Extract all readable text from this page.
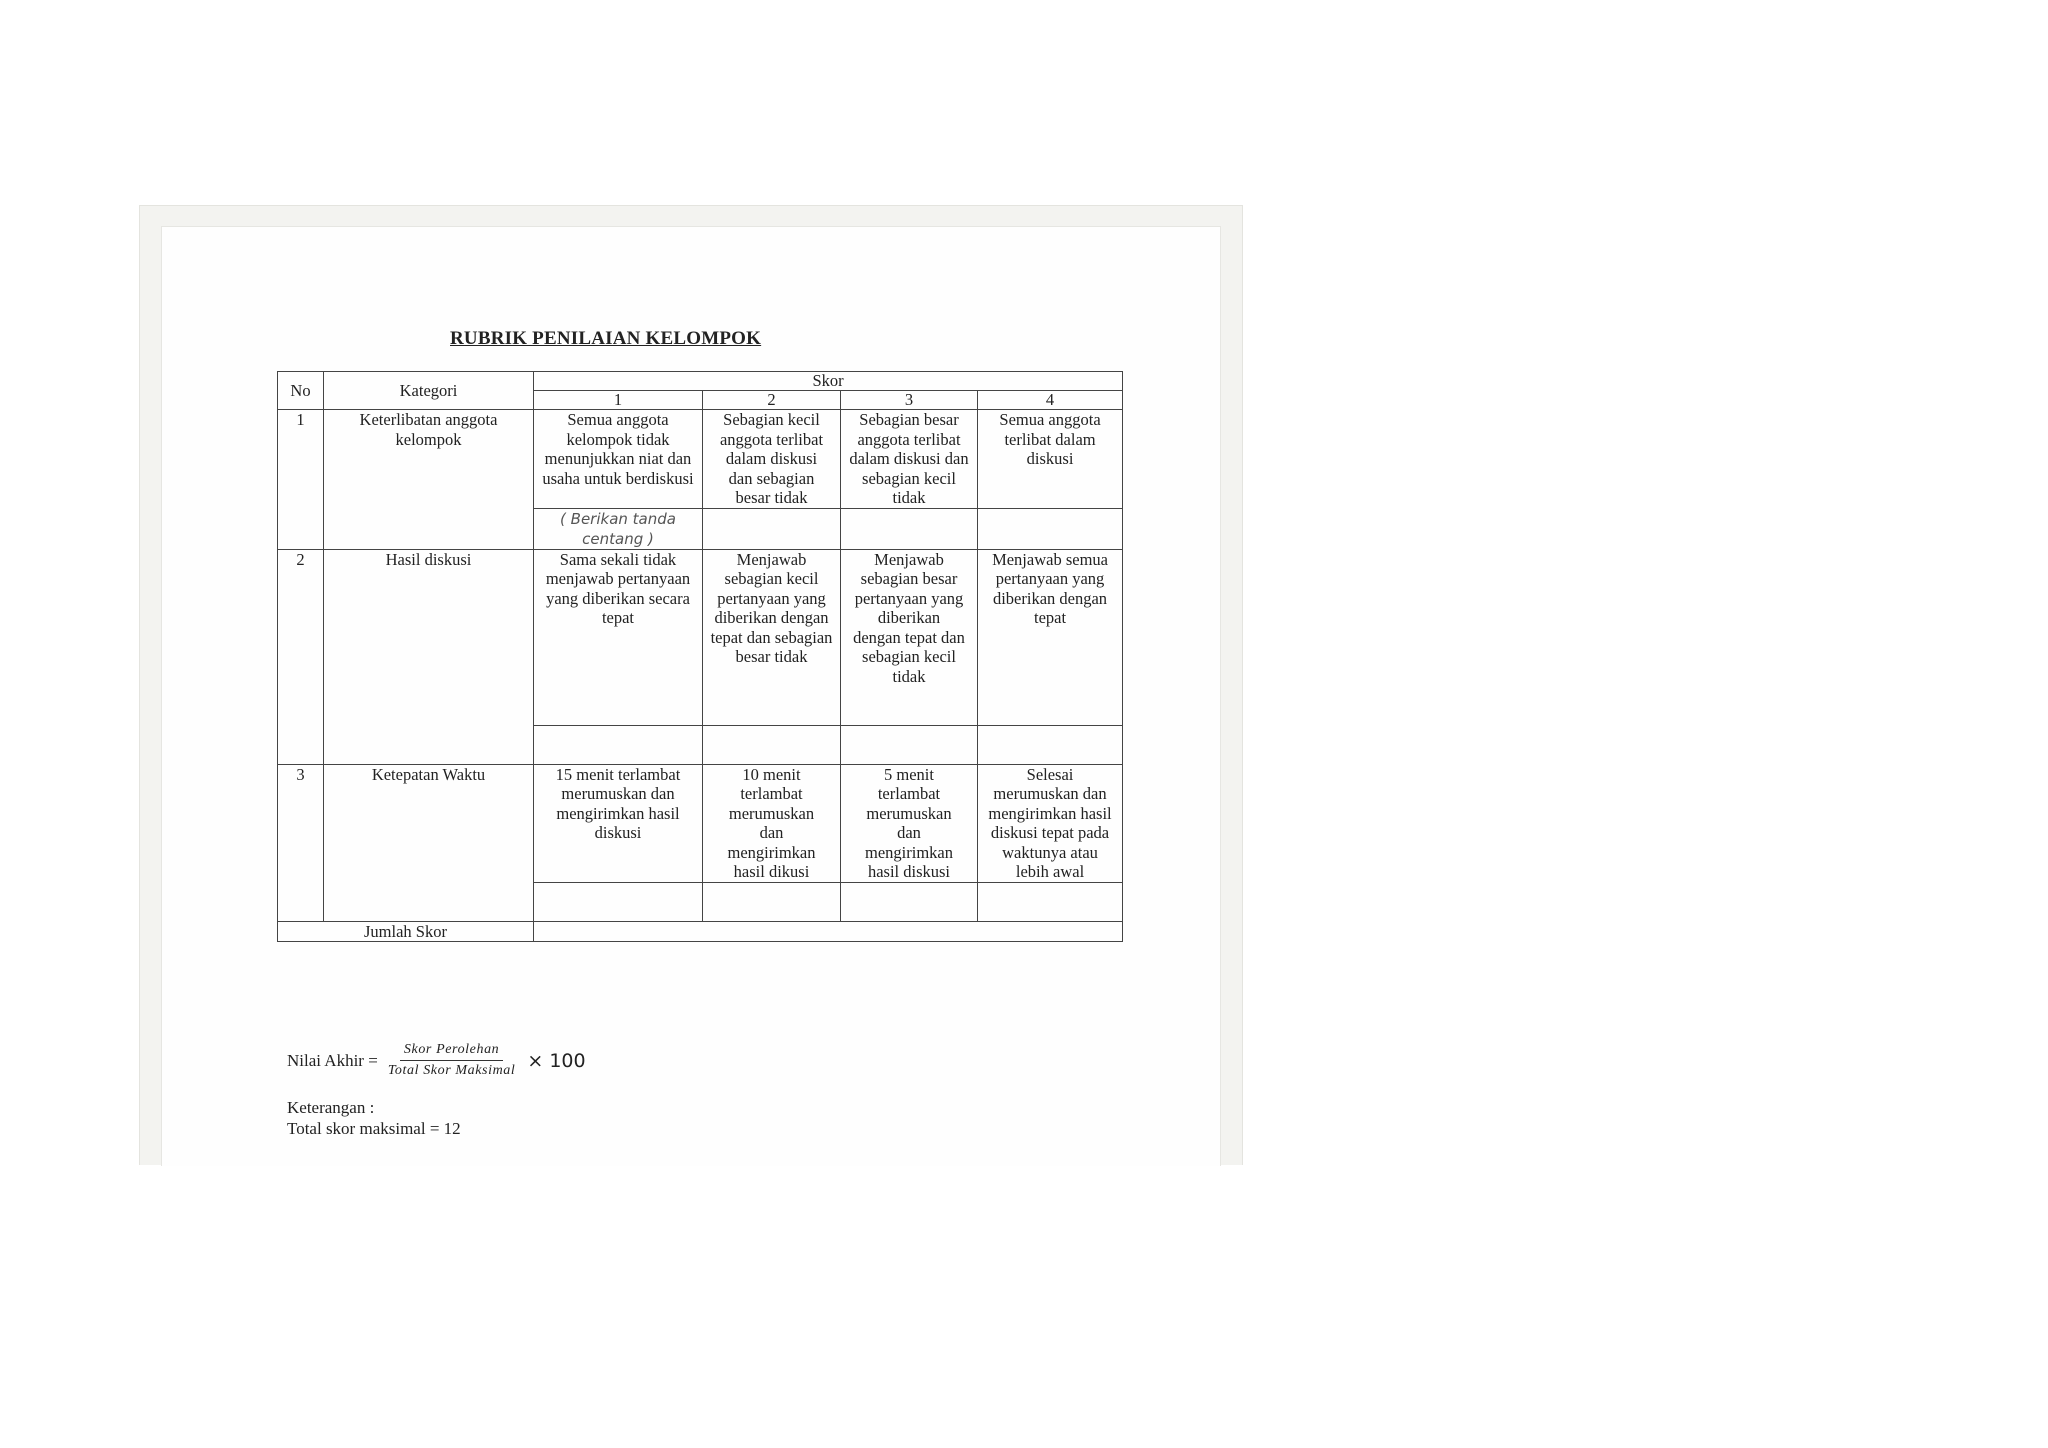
RUBRIK PENILAIAN KELOMPOK
No	Kategori	Skor			
		1	2	3	4
1	Keterlibatan anggota kelompok	Semua anggota kelompok tidak menunjukkan niat dan usaha untuk berdiskusi	Sebagian kecil anggota terlibat dalam diskusi dan sebagian besar tidak	Sebagian besar anggota terlibat dalam diskusi dan sebagian kecil tidak	Semua anggota terlibat dalam diskusi
		( Berikan tanda centang )			
2	Hasil diskusi	Sama sekali tidak menjawab pertanyaan yang diberikan secara tepat	Menjawab sebagian kecil pertanyaan yang diberikan dengan tepat dan sebagian besar tidak	Menjawab sebagian besar pertanyaan yang diberikan dengan tepat dan sebagian kecil tidak	Menjawab semua pertanyaan yang diberikan dengan tepat

3	Ketepatan Waktu	15 menit terlambat merumuskan dan mengirimkan hasil diskusi	10 menit terlambat merumuskan dan mengirimkan hasil dikusi	5 menit terlambat merumuskan dan mengirimkan hasil diskusi	Selesai merumuskan dan mengirimkan hasil diskusi tepat pada waktunya atau lebih awal

Jumlah Skor					
Nilai Akhir = $\frac{\text{Skor Perolehan}}{\text{Total Skor Maksimal}} \times 100$
Keterangan :
Total skor maksimal = 12
